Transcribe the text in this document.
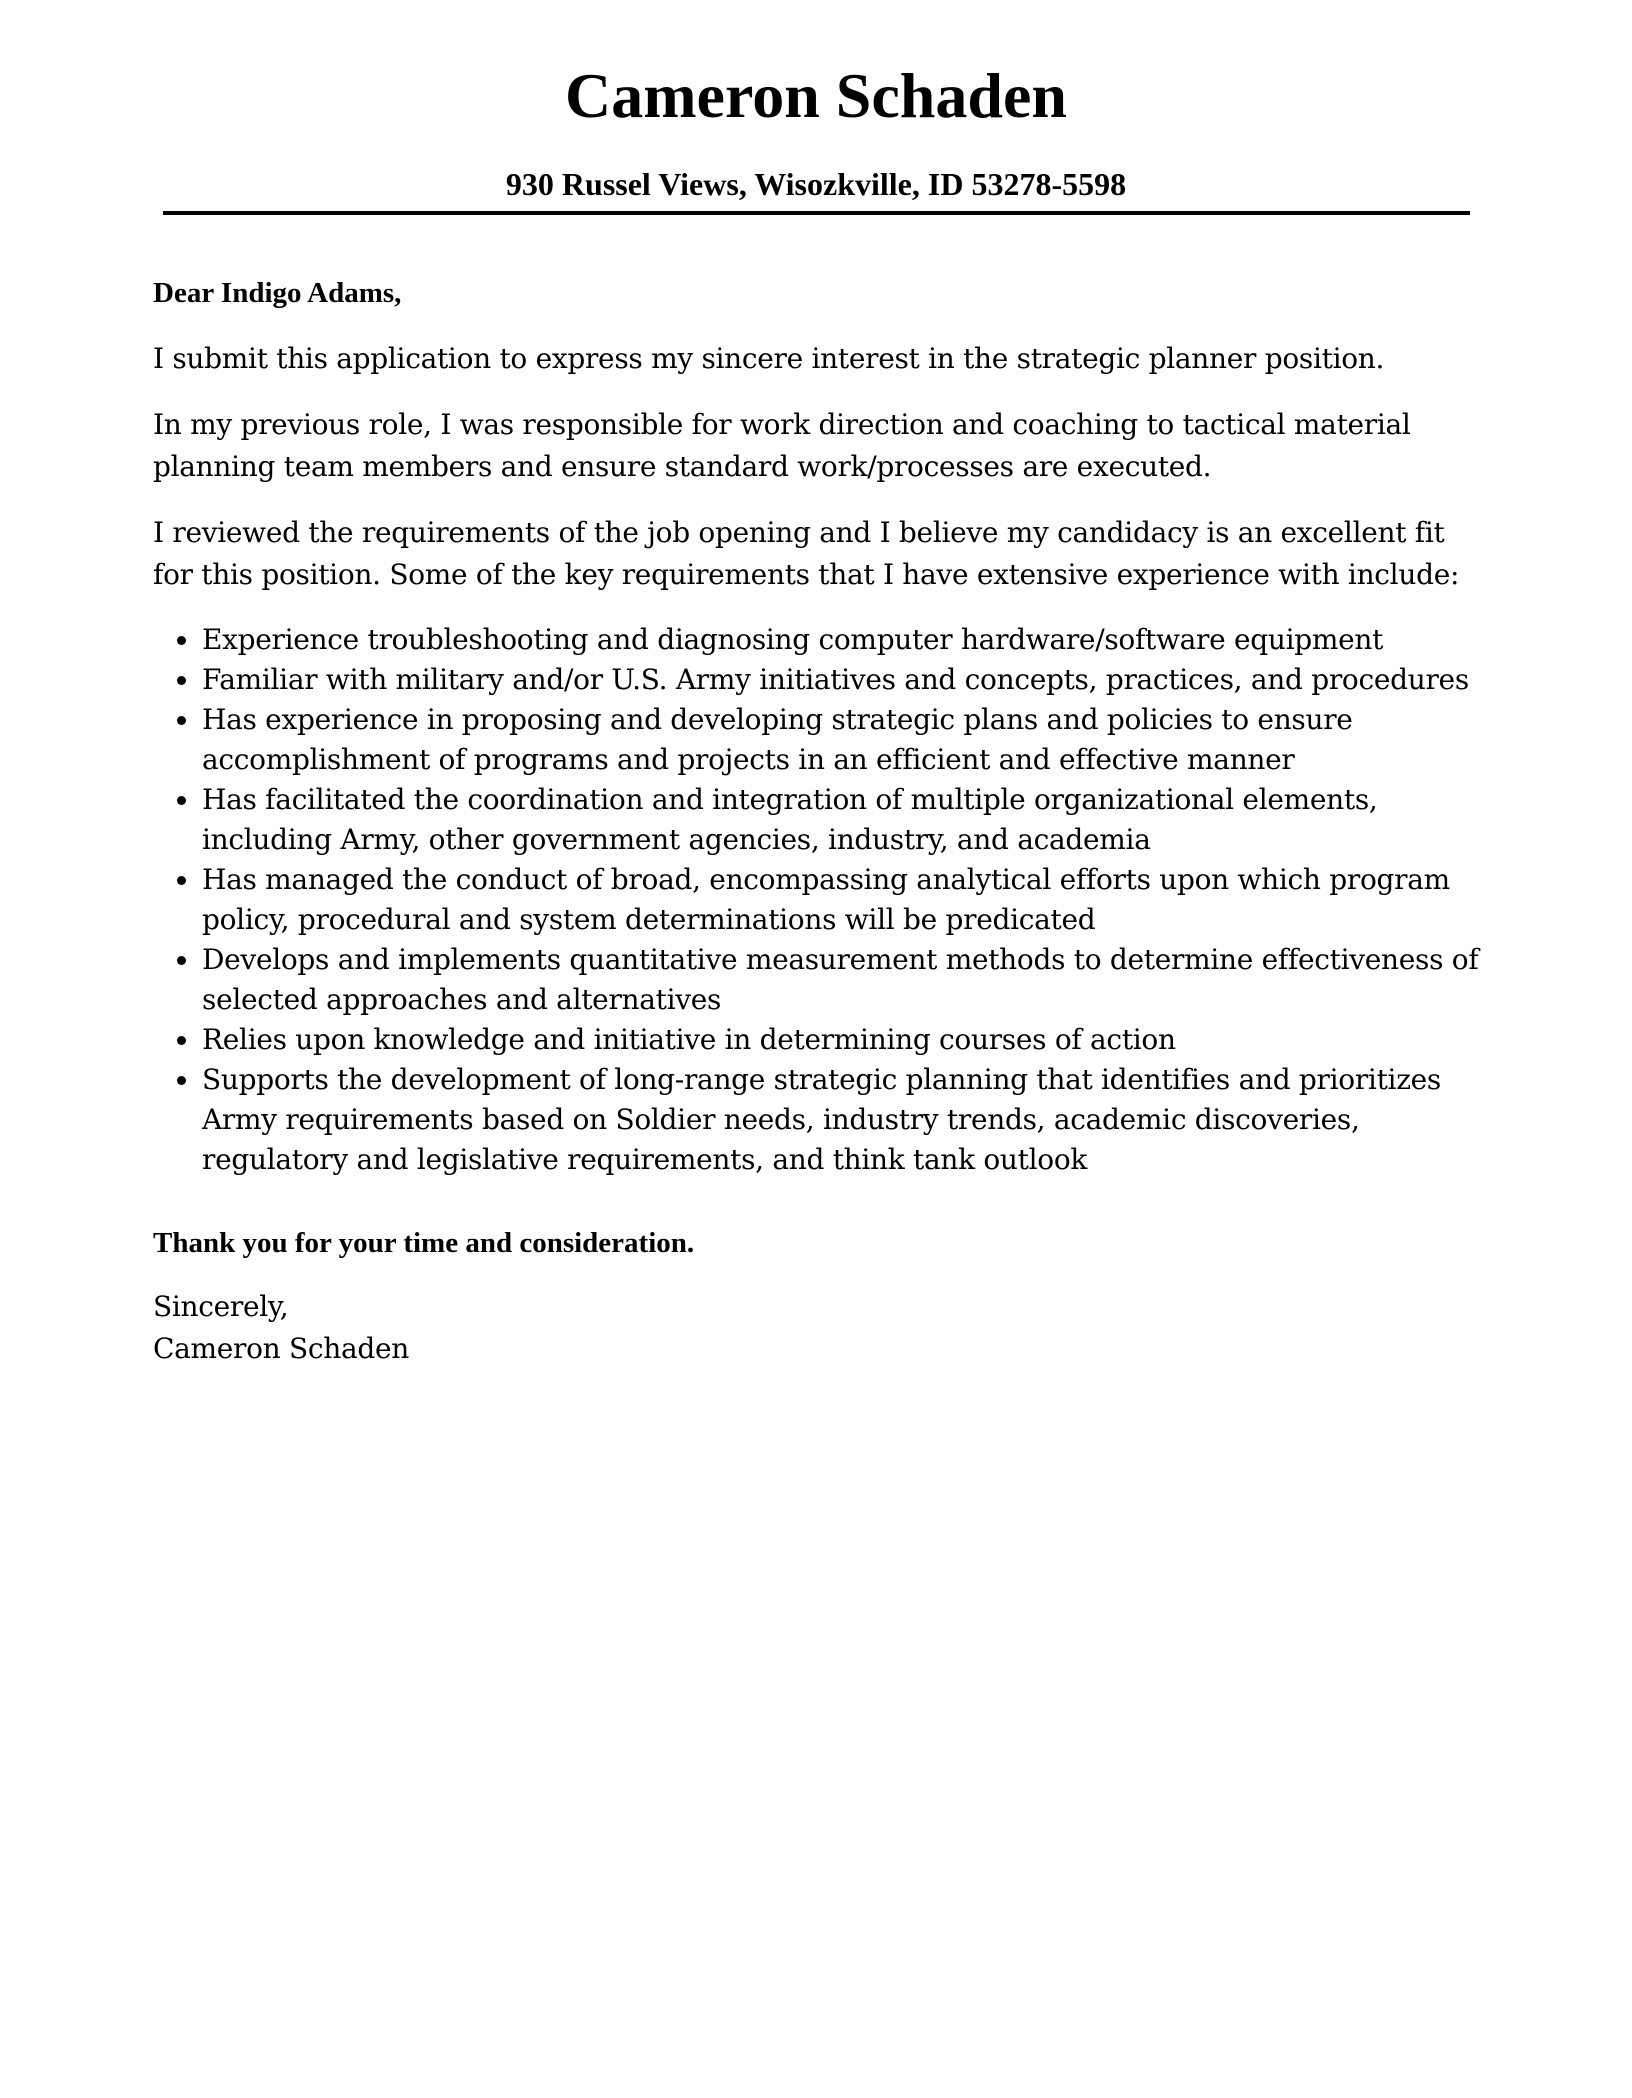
Cameron Schaden

930 Russel Views, Wisozkville, ID 53278-5598

Dear Indigo Adams,

I submit this application to express my sincere interest in the strategic planner position.

In my previous role, I was responsible for work direction and coaching to tactical material planning team members and ensure standard work/processes are executed.

I reviewed the requirements of the job opening and I believe my candidacy is an excellent fit for this position. Some of the key requirements that I have extensive experience with include:

Experience troubleshooting and diagnosing computer hardware/software equipment
Familiar with military and/or U.S. Army initiatives and concepts, practices, and procedures
Has experience in proposing and developing strategic plans and policies to ensure accomplishment of programs and projects in an efficient and effective manner
Has facilitated the coordination and integration of multiple organizational elements, including Army, other government agencies, industry, and academia
Has managed the conduct of broad, encompassing analytical efforts upon which program policy, procedural and system determinations will be predicated
Develops and implements quantitative measurement methods to determine effectiveness of selected approaches and alternatives
Relies upon knowledge and initiative in determining courses of action
Supports the development of long-range strategic planning that identifies and prioritizes Army requirements based on Soldier needs, industry trends, academic discoveries, regulatory and legislative requirements, and think tank outlook

Thank you for your time and consideration.

Sincerely,

Cameron Schaden
